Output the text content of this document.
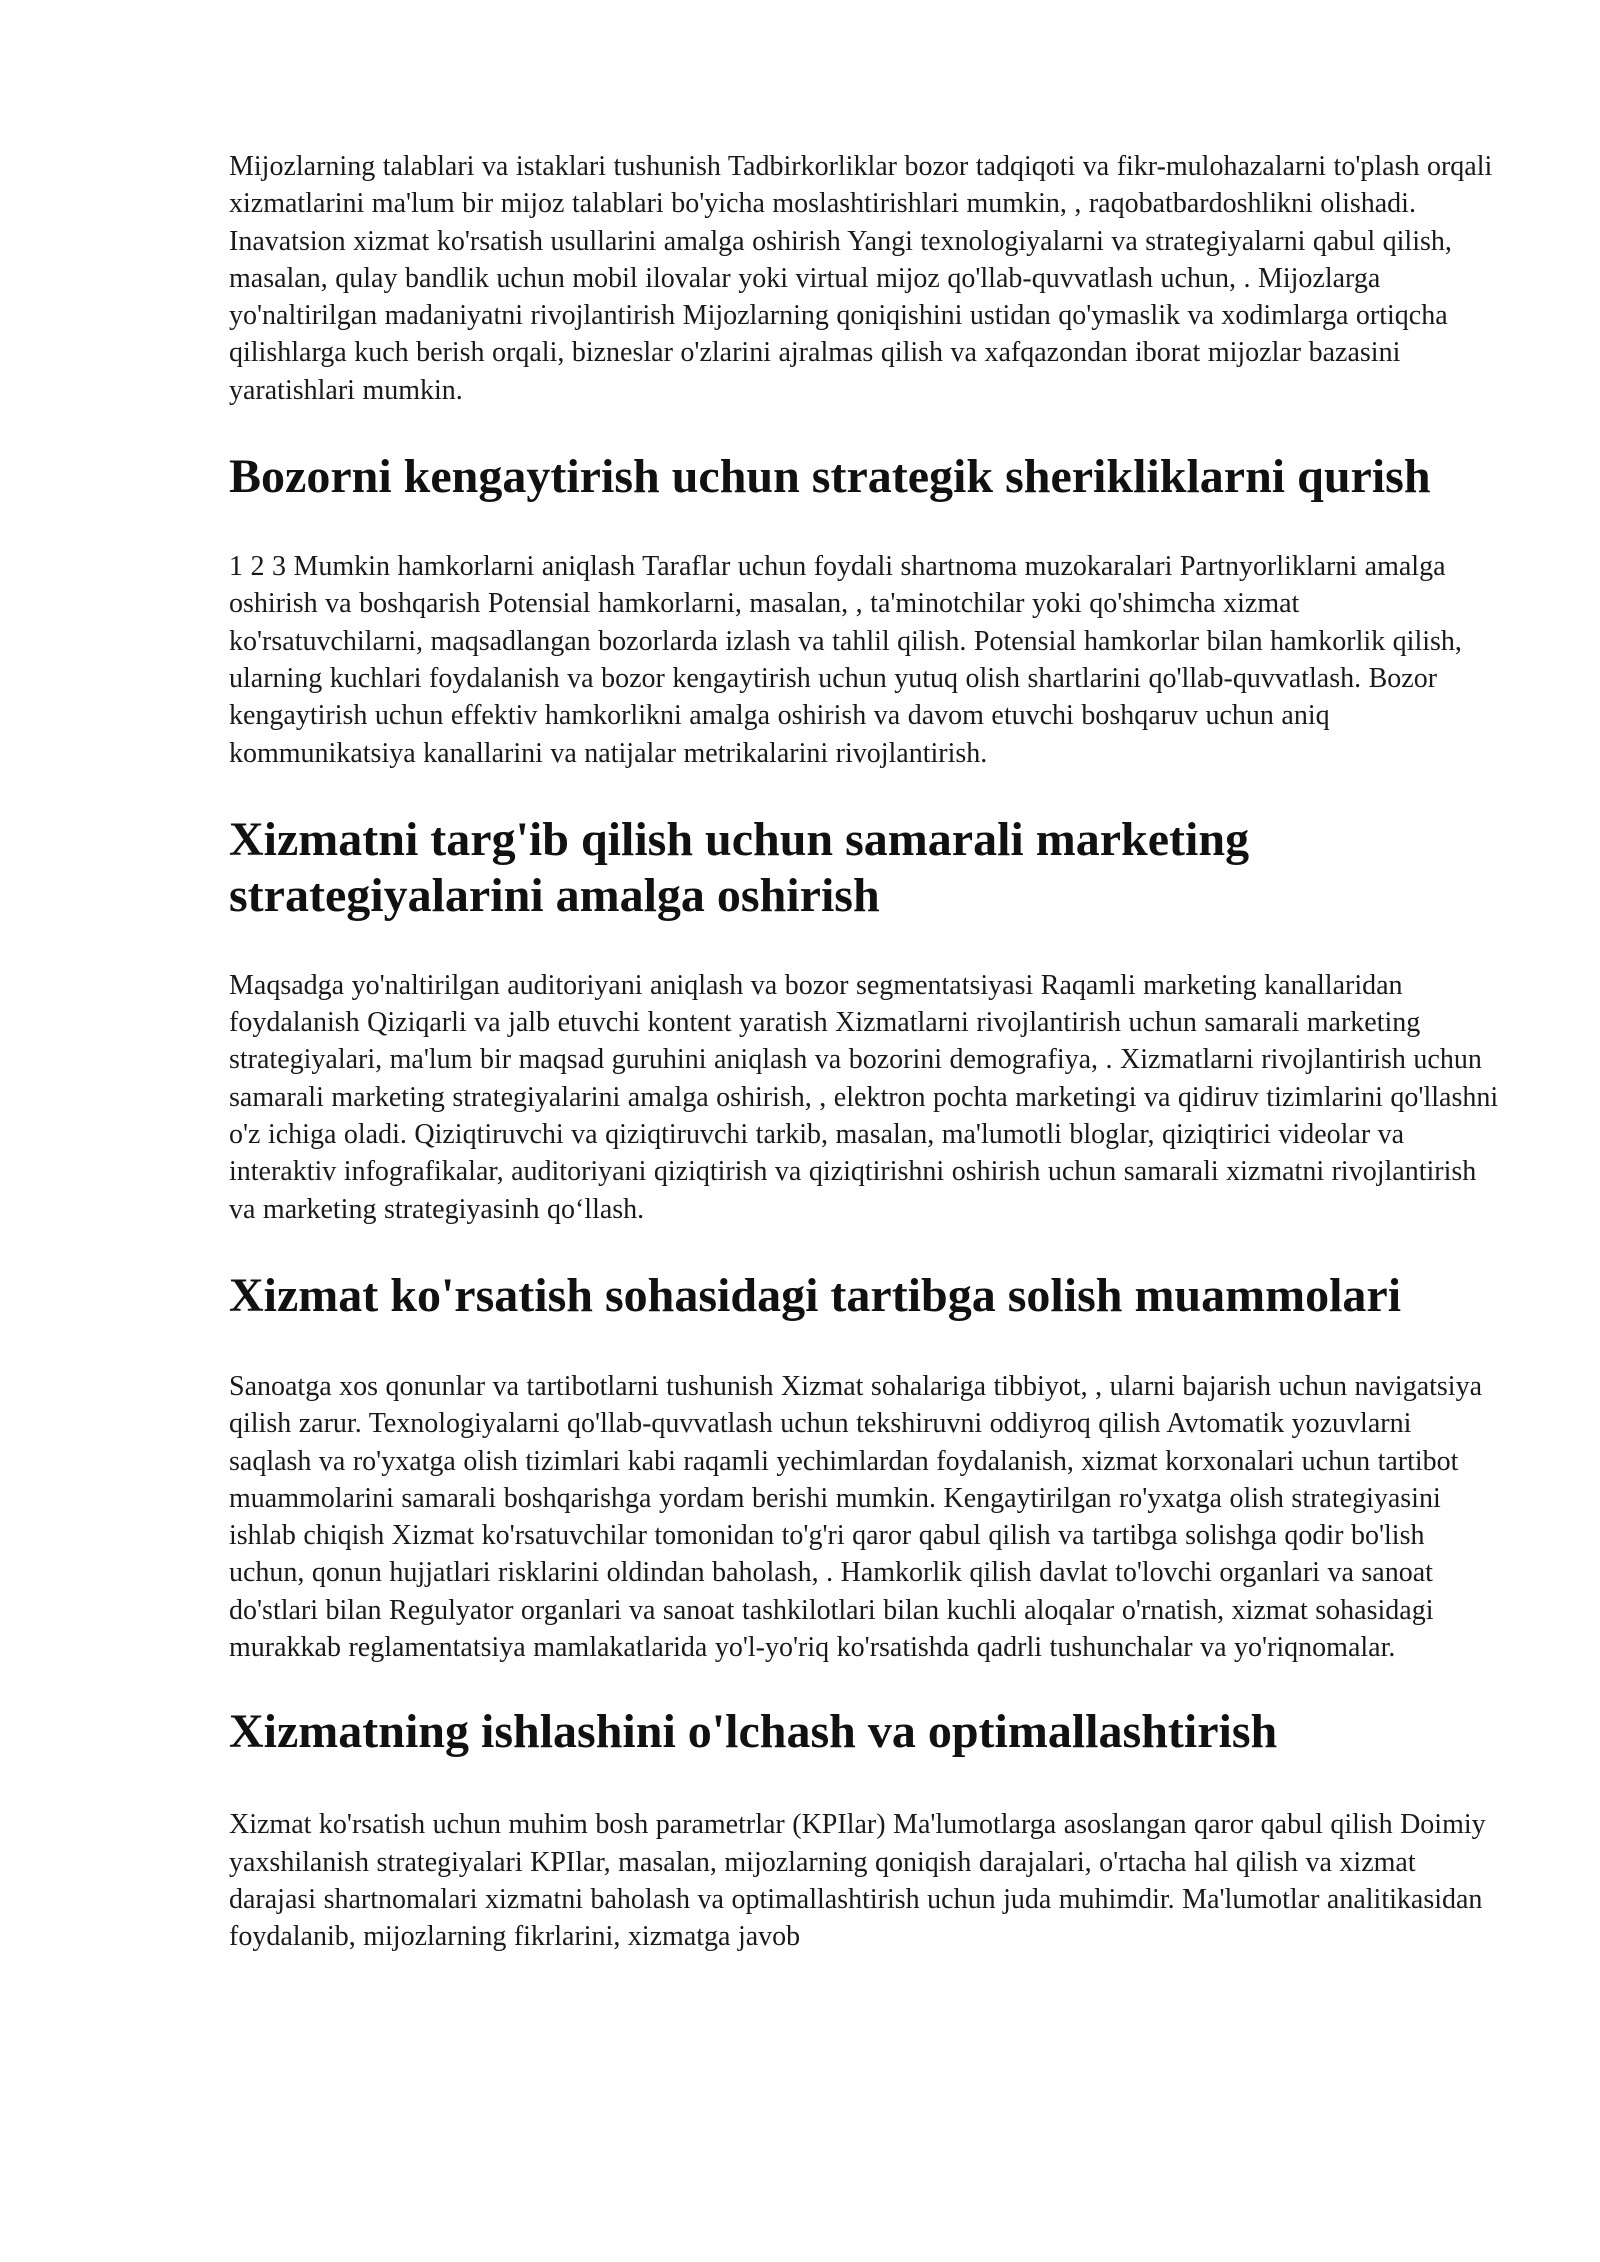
Mijozlarning talablari va istaklari tushunish Tadbirkorliklar bozor tadqiqoti va fikr-mulohazalarni to'plash orqali xizmatlarini ma'lum bir mijoz talablari bo'yicha moslashtirishlari mumkin, , raqobatbardoshlikni olishadi. Inavatsion xizmat ko'rsatish usullarini amalga oshirish Yangi texnologiyalarni va strategiyalarni qabul qilish, masalan, qulay bandlik uchun mobil ilovalar yoki virtual mijoz qo'llab-quvvatlash uchun, . Mijozlarga yo'naltirilgan madaniyatni rivojlantirish Mijozlarning qoniqishini ustidan qo'ymaslik va xodimlarga ortiqcha qilishlarga kuch berish orqali, bizneslar o'zlarini ajralmas qilish va xafqazondan iborat mijozlar bazasini yaratishlari mumkin.

Bozorni kengaytirish uchun strategik sherikliklarni qurish

1 2 3 Mumkin hamkorlarni aniqlash Taraflar uchun foydali shartnoma muzokaralari Partnyorliklarni amalga oshirish va boshqarish Potensial hamkorlarni, masalan, , ta'minotchilar yoki qo'shimcha xizmat ko'rsatuvchilarni, maqsadlangan bozorlarda izlash va tahlil qilish. Potensial hamkorlar bilan hamkorlik qilish, ularning kuchlari foydalanish va bozor kengaytirish uchun yutuq olish shartlarini qo'llab-quvvatlash. Bozor kengaytirish uchun effektiv hamkorlikni amalga oshirish va davom etuvchi boshqaruv uchun aniq kommunikatsiya kanallarini va natijalar metrikalarini rivojlantirish.

Xizmatni targ'ib qilish uchun samarali marketing strategiyalarini amalga oshirish

Maqsadga yo'naltirilgan auditoriyani aniqlash va bozor segmentatsiyasi Raqamli marketing kanallaridan foydalanish Qiziqarli va jalb etuvchi kontent yaratish Xizmatlarni rivojlantirish uchun samarali marketing strategiyalari, ma'lum bir maqsad guruhini aniqlash va bozorini demografiya, . Xizmatlarni rivojlantirish uchun samarali marketing strategiyalarini amalga oshirish, , elektron pochta marketingi va qidiruv tizimlarini qo'llashni o'z ichiga oladi. Qiziqtiruvchi va qiziqtiruvchi tarkib, masalan, ma'lumotli bloglar, qiziqtirici videolar va interaktiv infografikalar, auditoriyani qiziqtirish va qiziqtirishni oshirish uchun samarali xizmatni rivojlantirish va marketing strategiyasinh qo‘llash.

Xizmat ko'rsatish sohasidagi tartibga solish muammolari

Sanoatga xos qonunlar va tartibotlarni tushunish Xizmat sohalariga tibbiyot, , ularni bajarish uchun navigatsiya qilish zarur. Texnologiyalarni qo'llab-quvvatlash uchun tekshiruvni oddiyroq qilish Avtomatik yozuvlarni saqlash va ro'yxatga olish tizimlari kabi raqamli yechimlardan foydalanish, xizmat korxonalari uchun tartibot muammolarini samarali boshqarishga yordam berishi mumkin. Kengaytirilgan ro'yxatga olish strategiyasini ishlab chiqish Xizmat ko'rsatuvchilar tomonidan to'g'ri qaror qabul qilish va tartibga solishga qodir bo'lish uchun, qonun hujjatlari risklarini oldindan baholash, . Hamkorlik qilish davlat to'lovchi organlari va sanoat do'stlari bilan Regulyator organlari va sanoat tashkilotlari bilan kuchli aloqalar o'rnatish, xizmat sohasidagi murakkab reglamentatsiya mamlakatlarida yo'l-yo'riq ko'rsatishda qadrli tushunchalar va yo'riqnomalar.

Xizmatning ishlashini o'lchash va optimallashtirish

Xizmat ko'rsatish uchun muhim bosh parametrlar (KPIlar) Ma'lumotlarga asoslangan qaror qabul qilish Doimiy yaxshilanish strategiyalari KPIlar, masalan, mijozlarning qoniqish darajalari, o'rtacha hal qilish va xizmat darajasi shartnomalari xizmatni baholash va optimallashtirish uchun juda muhimdir. Ma'lumotlar analitikasidan foydalanib, mijozlarning fikrlarini, xizmatga javob
